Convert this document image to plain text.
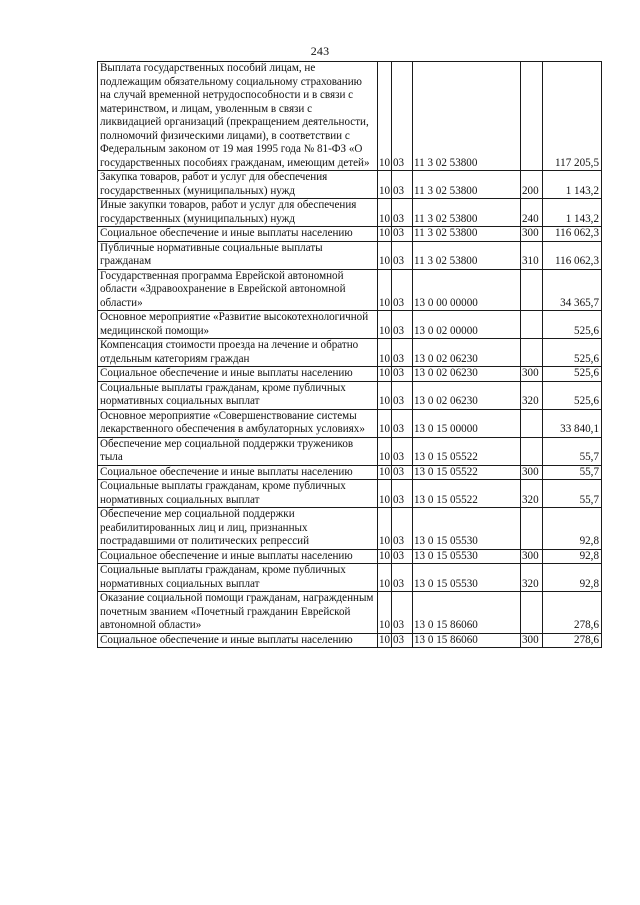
243
Выплата государственных пособий лицам, не подлежащим обязательному социальному страхованию на случай временной нетрудоспособности и в связи с материнством, и лицам, уволенным в связи с ликвидацией организаций (прекращением деятельности, полномочий физическими лицами), в соответствии с Федеральным законом от 19 мая 1995 года № 81-ФЗ «О государственных пособиях гражданам, имеющим детей»	10	03	11 3 02 53800		117 205,5
Закупка товаров, работ и услуг для обеспечения государственных (муниципальных) нужд	10	03	11 3 02 53800	200	1 143,2
Иные закупки товаров, работ и услуг для обеспечения государственных (муниципальных) нужд	10	03	11 3 02 53800	240	1 143,2
Социальное обеспечение и иные выплаты населению	10	03	11 3 02 53800	300	116 062,3
Публичные нормативные социальные выплаты гражданам	10	03	11 3 02 53800	310	116 062,3
Государственная программа Еврейской автономной области «Здравоохранение в Еврейской автономной области»	10	03	13 0 00 00000		34 365,7
Основное мероприятие «Развитие высокотехнологичной медицинской помощи»	10	03	13 0 02 00000		525,6
Компенсация стоимости проезда на лечение и обратно отдельным категориям граждан	10	03	13 0 02 06230		525,6
Социальное обеспечение и иные выплаты населению	10	03	13 0 02 06230	300	525,6
Социальные выплаты гражданам, кроме публичных нормативных социальных выплат	10	03	13 0 02 06230	320	525,6
Основное мероприятие «Совершенствование системы лекарственного обеспечения в амбулаторных условиях»	10	03	13 0 15 00000		33 840,1
Обеспечение мер социальной поддержки тружеников тыла	10	03	13 0 15 05522		55,7
Социальное обеспечение и иные выплаты населению	10	03	13 0 15 05522	300	55,7
Социальные выплаты гражданам, кроме публичных нормативных социальных выплат	10	03	13 0 15 05522	320	55,7
Обеспечение мер социальной поддержки реабилитированных лиц и лиц, признанных пострадавшими от политических репрессий	10	03	13 0 15 05530		92,8
Социальное обеспечение и иные выплаты населению	10	03	13 0 15 05530	300	92,8
Социальные выплаты гражданам, кроме публичных нормативных социальных выплат	10	03	13 0 15 05530	320	92,8
Оказание социальной помощи гражданам, награжденным почетным званием «Почетный гражданин Еврейской автономной области»	10	03	13 0 15 86060		278,6
Социальное обеспечение и иные выплаты населению	10	03	13 0 15 86060	300	278,6
